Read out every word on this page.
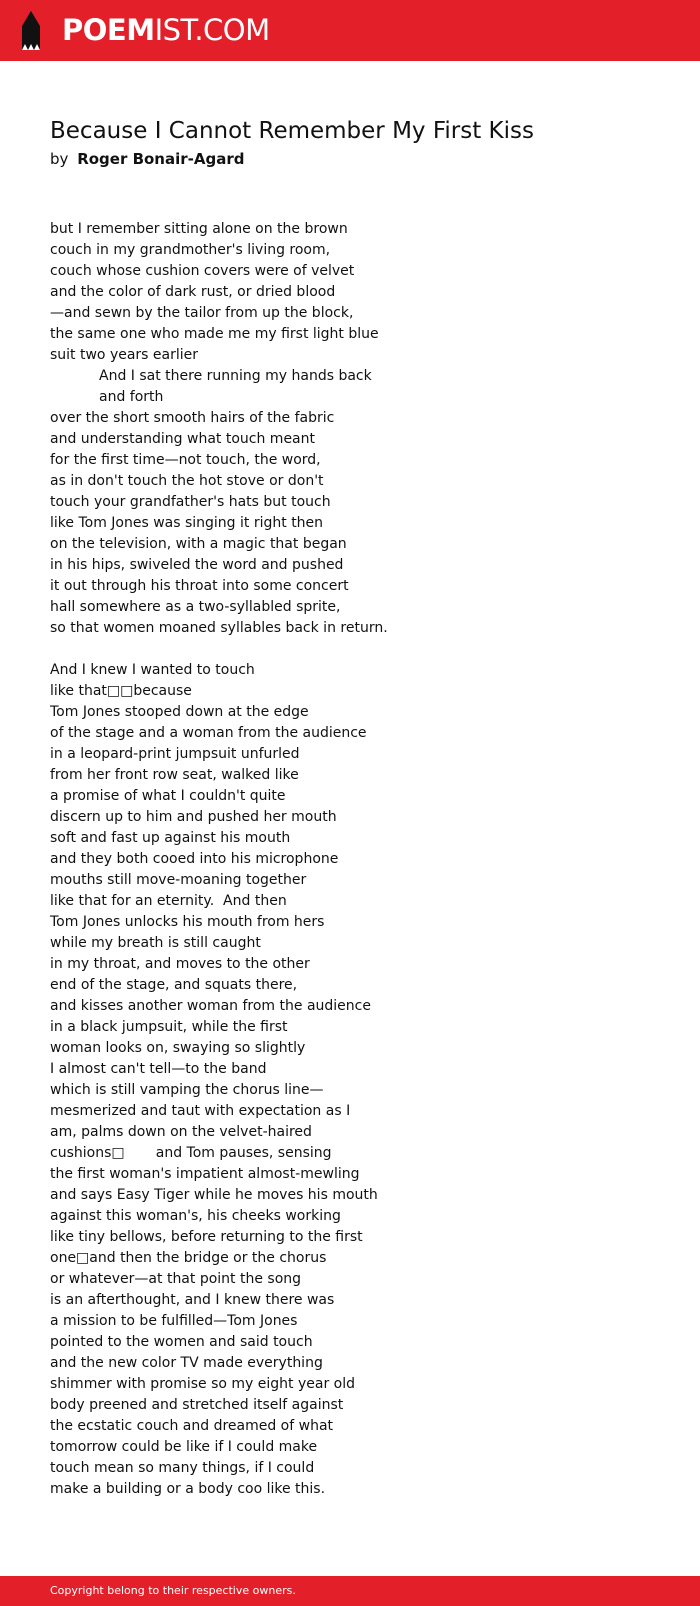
POEMIST.COM
Because I Cannot Remember My First Kiss
by Roger Bonair-Agard
but I remember sitting alone on the brown
couch in my grandmother's living room,
couch whose cushion covers were of velvet
and the color of dark rust, or dried blood
—and sewn by the tailor from up the block,
the same one who made me my first light blue
suit two years earlier
And I sat there running my hands back
and forth
over the short smooth hairs of the fabric
and understanding what touch meant
for the first time—not touch, the word,
as in don't touch the hot stove or don't
touch your grandfather's hats but touch
like Tom Jones was singing it right then
on the television, with a magic that began
in his hips, swiveled the word and pushed
it out through his throat into some concert
hall somewhere as a two-syllabled sprite,
so that women moaned syllables back in return.
And I knew I wanted to touch
like that□□because
Tom Jones stooped down at the edge
of the stage and a woman from the audience
in a leopard-print jumpsuit unfurled
from her front row seat, walked like
a promise of what I couldn't quite
discern up to him and pushed her mouth
soft and fast up against his mouth
and they both cooed into his microphone
mouths still move-moaning together
like that for an eternity.  And then
Tom Jones unlocks his mouth from hers
while my breath is still caught
in my throat, and moves to the other
end of the stage, and squats there,
and kisses another woman from the audience
in a black jumpsuit, while the first
woman looks on, swaying so slightly
I almost can't tell—to the band
which is still vamping the chorus line—
mesmerized and taut with expectation as I
am, palms down on the velvet-haired
cushions□       and Tom pauses, sensing
the first woman's impatient almost-mewling
and says Easy Tiger while he moves his mouth
against this woman's, his cheeks working
like tiny bellows, before returning to the first
one□and then the bridge or the chorus
or whatever—at that point the song
is an afterthought, and I knew there was
a mission to be fulfilled—Tom Jones
pointed to the women and said touch
and the new color TV made everything
shimmer with promise so my eight year old
body preened and stretched itself against
the ecstatic couch and dreamed of what
tomorrow could be like if I could make
touch mean so many things, if I could
make a building or a body coo like this.
Copyright belong to their respective owners.
